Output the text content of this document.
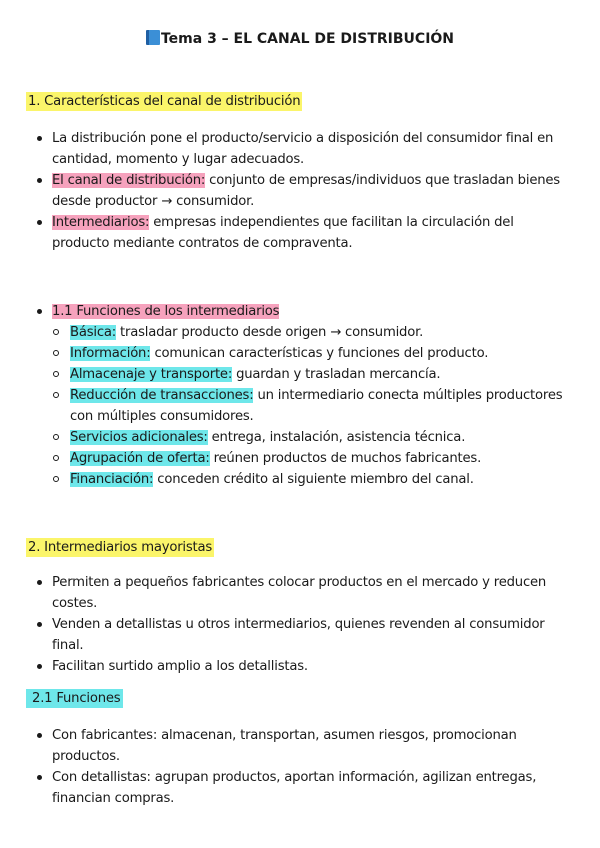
Tema 3 – EL CANAL DE DISTRIBUCIÓN
1. Características del canal de distribución
La distribución pone el producto/servicio a disposición del consumidor final en cantidad, momento y lugar adecuados.
El canal de distribución: conjunto de empresas/individuos que trasladan bienes desde productor → consumidor.
Intermediarios: empresas independientes que facilitan la circulación del producto mediante contratos de compraventa.
1.1 Funciones de los intermediarios
Básica: trasladar producto desde origen → consumidor.
Información: comunican características y funciones del producto.
Almacenaje y transporte: guardan y trasladan mercancía.
Reducción de transacciones: un intermediario conecta múltiples productores con múltiples consumidores.
Servicios adicionales: entrega, instalación, asistencia técnica.
Agrupación de oferta: reúnen productos de muchos fabricantes.
Financiación: conceden crédito al siguiente miembro del canal.
2. Intermediarios mayoristas
Permiten a pequeños fabricantes colocar productos en el mercado y reducen costes.
Venden a detallistas u otros intermediarios, quienes revenden al consumidor final.
Facilitan surtido amplio a los detallistas.
2.1 Funciones
Con fabricantes: almacenan, transportan, asumen riesgos, promocionan productos.
Con detallistas: agrupan productos, aportan información, agilizan entregas, financian compras.
